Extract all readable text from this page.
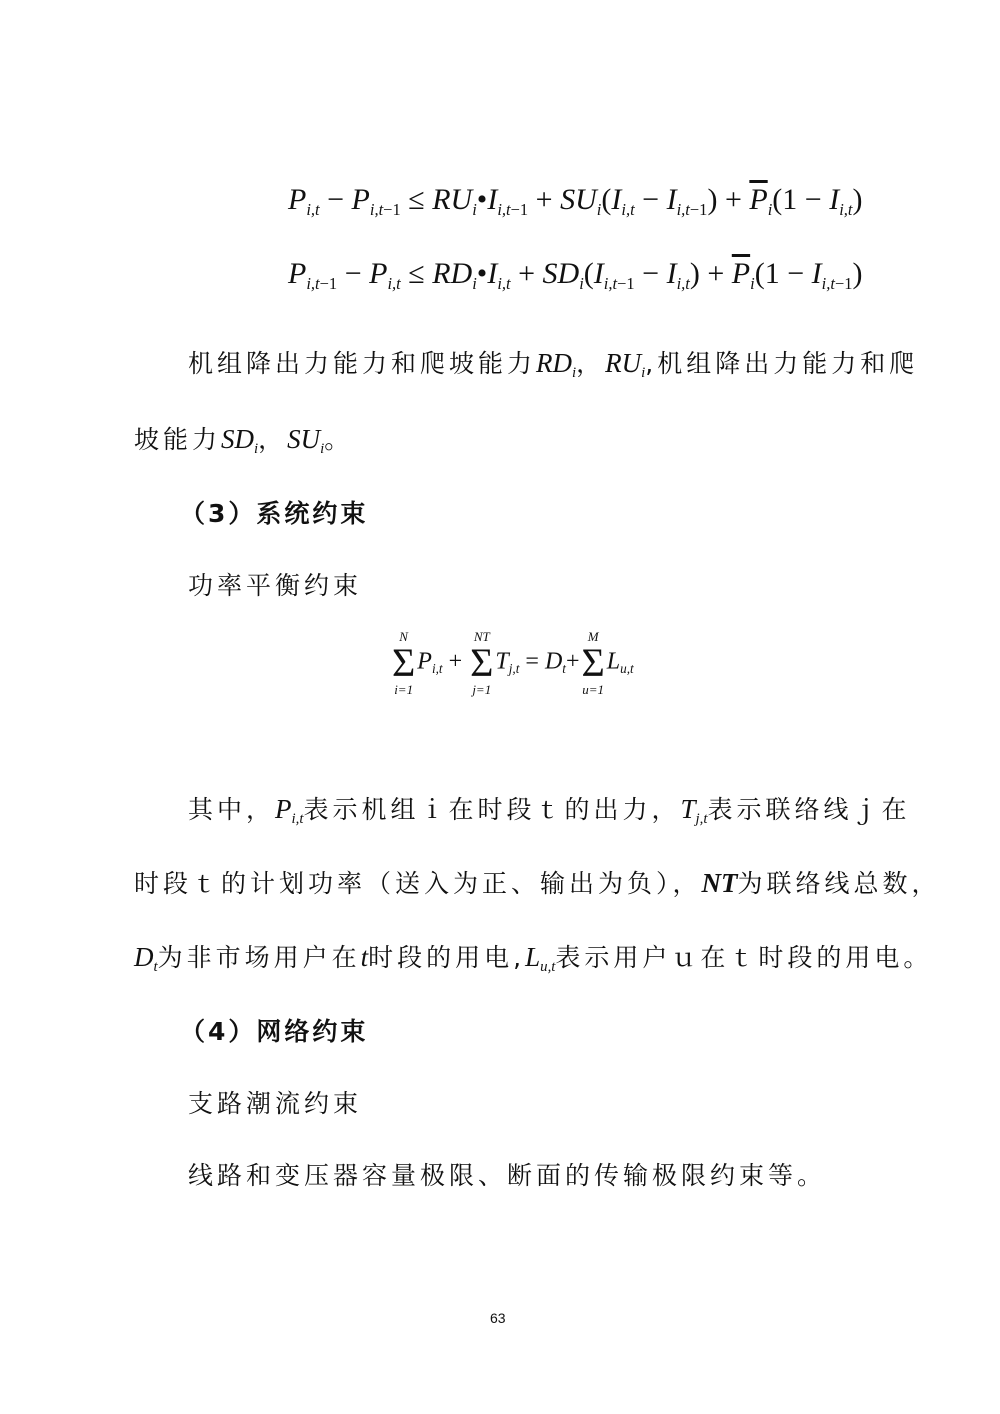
$P_{i,t} - P_{i,t-1}$ ≤ $RU_i•I_{i,t-1} + SU_i(I_{i,t} - I_{i,t-1}) + \overline{P}_i(1 - I_{i,t})$
$P_{i,t-1} - P_{i,t}$ ≤ $RD_i•I_{i,t} + SD_i(I_{i,t-1} - I_{i,t}) + \overline{P}_i(1 - I_{i,t-1})$
机组降出力能力和爬坡能力$RD_i$，$RU_i$,机组降出力能力和爬
坡能力$SD_i$，$SU_i$。
（3）系统约束
功率平衡约束
N
Σ
i=1
$P_{i,t}$ +
NT
Σ
j=1
$T_{j,t} = D_t+$
M
Σ
u=1
$L_{u,t}$
其中，$P_{i,t}$表示机组ｉ在时段ｔ的出力，$T_{j,t}$表示联络线ｊ在
时段ｔ的计划功率（送入为正、输出为负），NT为联络线总数，
$D_t$为非市场用户在t时段的用电$,L_{u,t}$表示用户ｕ在ｔ时段的用电。
（4）网络约束
支路潮流约束
线路和变压器容量极限、断面的传输极限约束等。
63
